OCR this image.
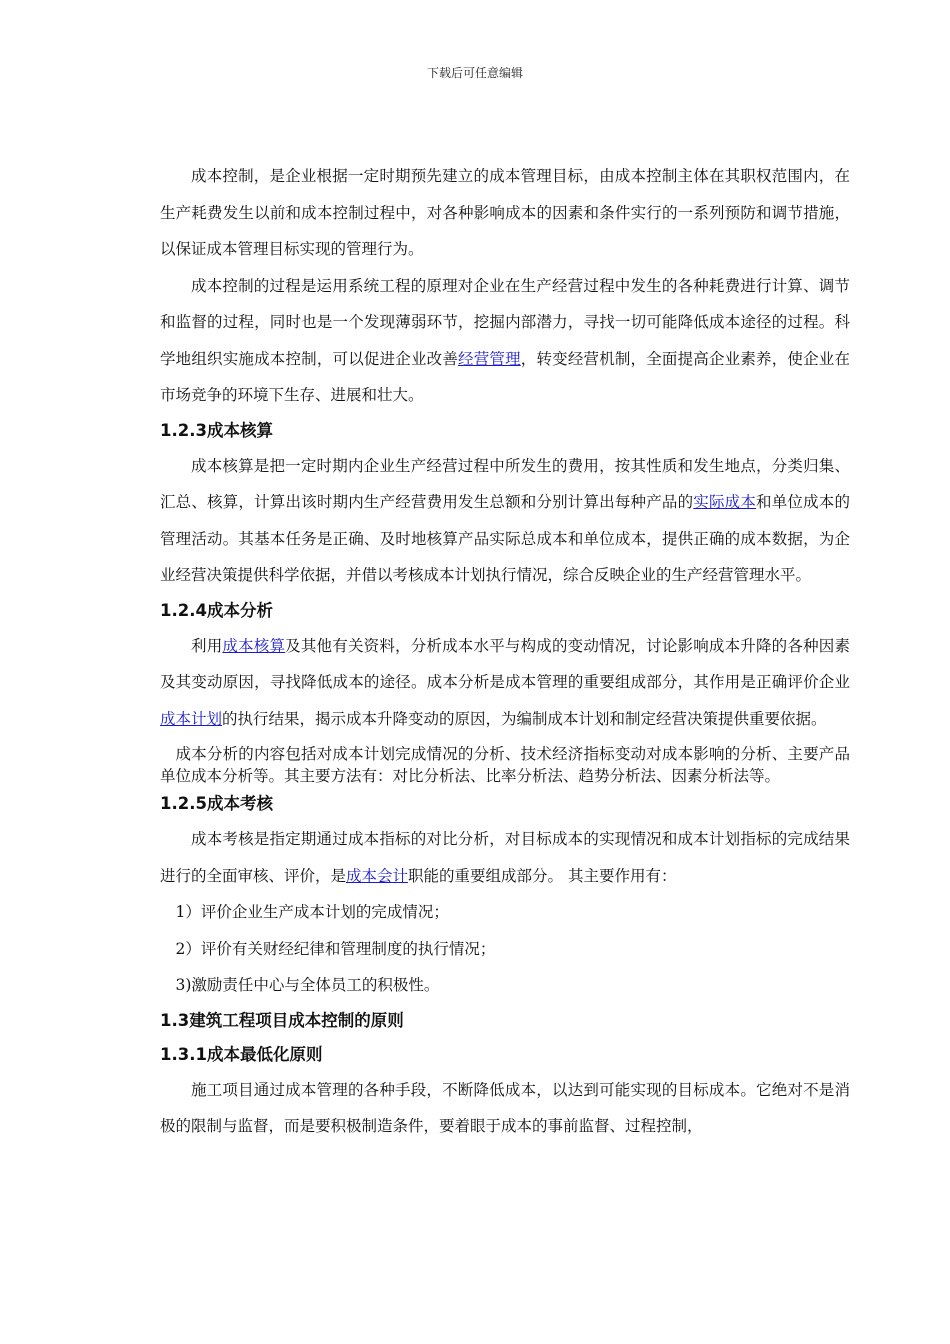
下载后可任意编辑

成本控制，是企业根据一定时期预先建立的成本管理目标，由成本控制主体在其职权范围内，在生产耗费发生以前和成本控制过程中，对各种影响成本的因素和条件实行的一系列预防和调节措施，以保证成本管理目标实现的管理行为。

成本控制的过程是运用系统工程的原理对企业在生产经营过程中发生的各种耗费进行计算、调节和监督的过程，同时也是一个发现薄弱环节，挖掘内部潜力，寻找一切可能降低成本途径的过程。科学地组织实施成本控制，可以促进企业改善经营管理，转变经营机制，全面提高企业素养，使企业在市场竞争的环境下生存、进展和壮大。

1.2.3成本核算

成本核算是把一定时期内企业生产经营过程中所发生的费用，按其性质和发生地点，分类归集、汇总、核算，计算出该时期内生产经营费用发生总额和分别计算出每种产品的实际成本和单位成本的管理活动。其基本任务是正确、及时地核算产品实际总成本和单位成本，提供正确的成本数据，为企业经营决策提供科学依据，并借以考核成本计划执行情况，综合反映企业的生产经营管理水平。

1.2.4成本分析

利用成本核算及其他有关资料，分析成本水平与构成的变动情况，讨论影响成本升降的各种因素及其变动原因，寻找降低成本的途径。成本分析是成本管理的重要组成部分，其作用是正确评价企业成本计划的执行结果，揭示成本升降变动的原因，为编制成本计划和制定经营决策提供重要依据。

成本分析的内容包括对成本计划完成情况的分析、技术经济指标变动对成本影响的分析、主要产品单位成本分析等。其主要方法有：对比分析法、比率分析法、趋势分析法、因素分析法等。

1.2.5成本考核

成本考核是指定期通过成本指标的对比分析，对目标成本的实现情况和成本计划指标的完成结果进行的全面审核、评价，是成本会计职能的重要组成部分。 其主要作用有：

1）评价企业生产成本计划的完成情况；

2）评价有关财经纪律和管理制度的执行情况；

3)激励责任中心与全体员工的积极性。

1.3建筑工程项目成本控制的原则
1.3.1成本最低化原则

施工项目通过成本管理的各种手段，不断降低成本，以达到可能实现的目标成本。它绝对不是消极的限制与监督，而是要积极制造条件，要着眼于成本的事前监督、过程控制，
